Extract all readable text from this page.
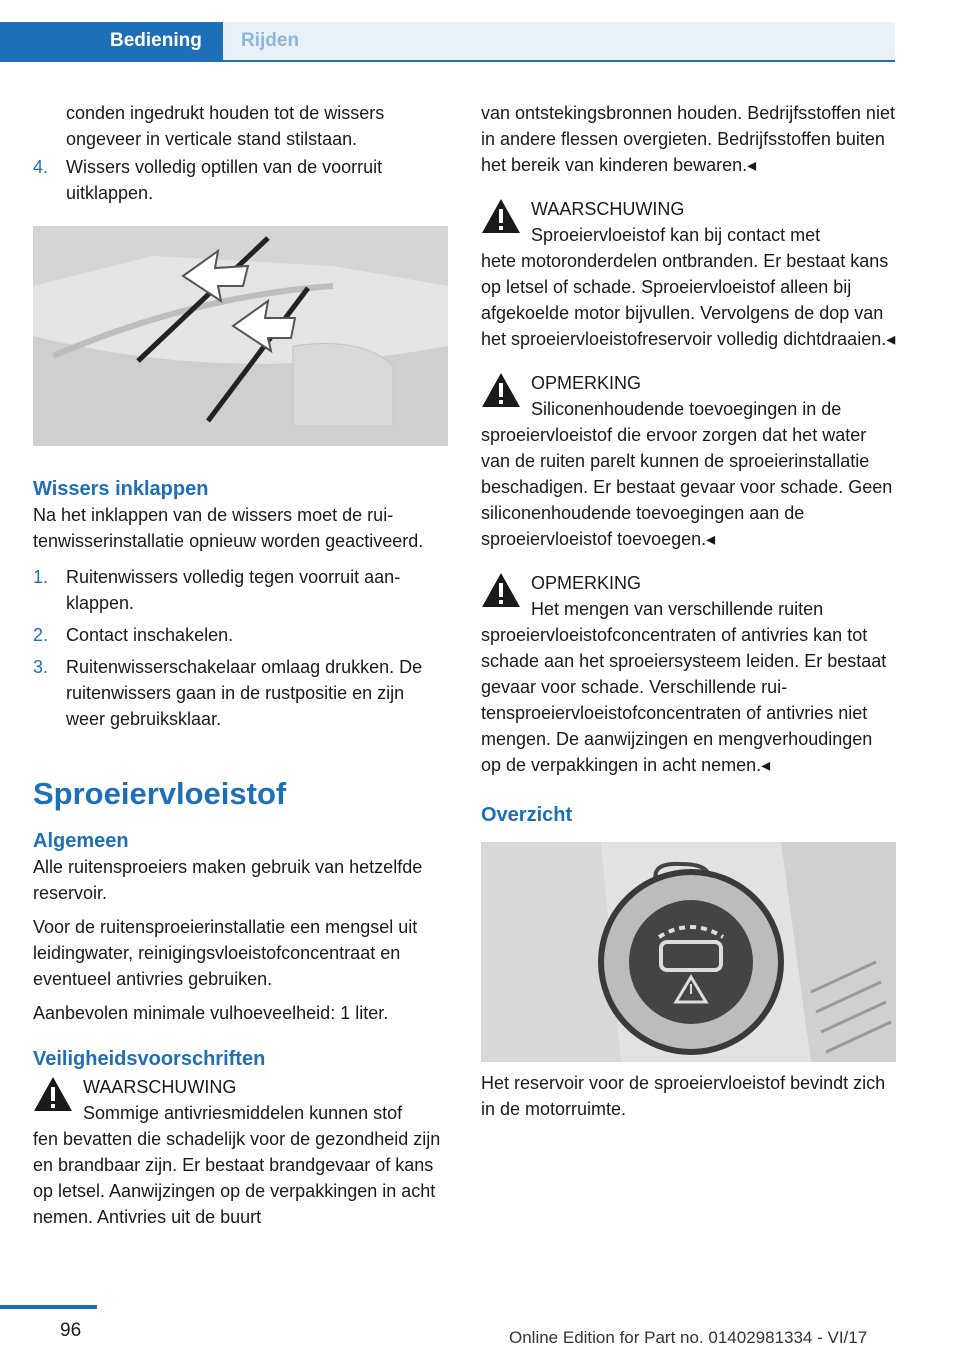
Bediening Rijden

conden ingedrukt houden tot de wissers ongeveer in verticale stand stilstaan.

4. Wissers volledig optillen van de voorruit uitklappen.

Wissers inklappen

Na het inklappen van de wissers moet de ruitenwisserinstallatie opnieuw worden geactiveerd.

1. Ruitenwissers volledig tegen voorruit aanklappen.

2. Contact inschakelen.

3. Ruitenwisserschakelaar omlaag drukken. De ruitenwissers gaan in de rustpositie en zijn weer gebruiksklaar.

Sproeiervloeistof
Algemeen

Alle ruitensproeiers maken gebruik van hetzelfde reservoir.

Voor de ruitensproeierinstallatie een mengsel uit leidingwater, reinigingsvloeistofconcentraat en eventueel antivries gebruiken.

Aanbevolen minimale vulhoeveelheid: 1 liter.

Veiligheidsvoorschriften
WAARSCHUWING

Sommige antivriesmiddelen kunnen stof

fen bevatten die schadelijk voor de gezondheid zijn en brandbaar zijn. Er bestaat brandgevaar of kans op letsel. Aanwijzingen op de verpakkingen in acht nemen. Antivries uit de buurt

van ontstekingsbronnen houden. Bedrijfsstoffen niet in andere flessen overgieten. Bedrijfsstoffen buiten het bereik van kinderen bewaren.◂

WAARSCHUWING

Sproeiervloeistof kan bij contact met

hete motoronderdelen ontbranden. Er bestaat kans op letsel of schade. Sproeiervloeistof alleen bij afgekoelde motor bijvullen. Vervolgens de dop van het sproeiervloeistofreservoir volledig dichtdraaien.◂

OPMERKING

Siliconenhoudende toevoegingen in de

sproeiervloeistof die ervoor zorgen dat het water van de ruiten parelt kunnen de sproeierinstallatie beschadigen. Er bestaat gevaar voor schade. Geen siliconenhoudende toevoegingen aan de sproeiervloeistof toevoegen.◂

OPMERKING

Het mengen van verschillende ruiten

sproeiervloeistofconcentraten of antivries kan tot schade aan het sproeiersysteem leiden. Er bestaat gevaar voor schade. Verschillende ruitensproeiervloeistofconcentraten of antivries niet mengen. De aanwijzingen en mengverhoudingen op de verpakkingen in acht nemen.◂

Overzicht

Het reservoir voor de sproeiervloeistof bevindt zich in de motorruimte.

96	Online Edition for Part no. 01402981334 - VI/17
